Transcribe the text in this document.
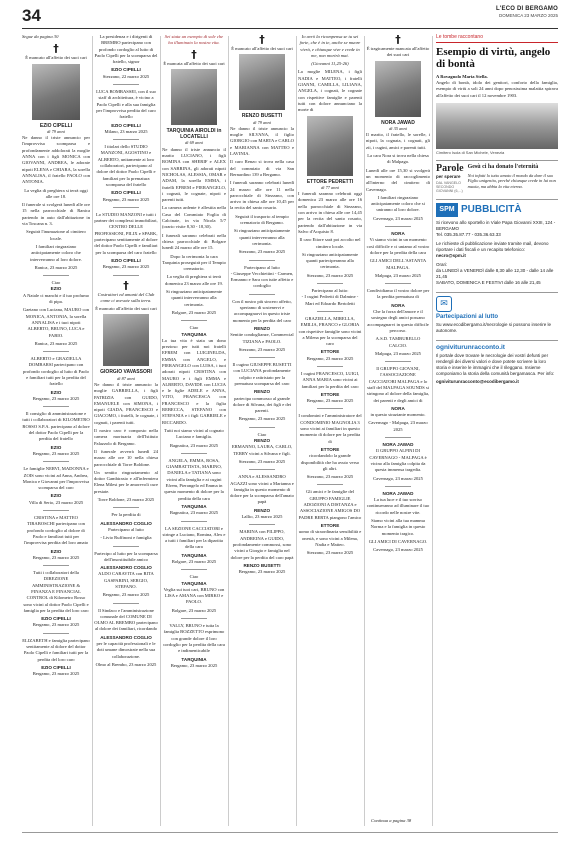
34	L'ECO DI BERGAMO
DOMENICA 23 MARZO 2025
Segue da pagina 30
†

È mancato all'affetto dei suoi cari

EZIO CIPELLI
di 79 anni

Ne danno il triste annuncio per l'improvvisa scomparsa e profondamente addolorati la moglie ANNA con i figli MONICA con GIOVANNI, ANDREA, le adorate nipoti ELENA e CHIARA, la sorella ANNALISA, il fratello PAOLO con ANTONIA.

La veglia di preghiera si terrà oggi alle ore 18.

Il funerale si svolgerà lunedì alle ore 15 nella parrocchiale di Ranica partendo in auto dall'abitazione in via Toscana n. 3.

Seguirà l'inumazione al cimitero locale.

I familiari ringraziano anticipatamente coloro che interverranno al loro dolore.

Ranica, 23 marzo 2025

Ciao
EZIO

A Natale ci manchi e il tuo profumo di pipa.

Gaetano con Luciana, MAURO con MONICA, ANTONIA, la sorella ANNALISA e i tuoi nipoti ALBERTO, BRUNO, LUCA e FABIO.

Ranica, 23 marzo 2025

ALBERTO e GRAZIELLA DOMBARSI partecipano con profondo cordoglio al lutto di Paolo e familiari tutti per la perdita del fratello

EZIO

Bergamo, 23 marzo 2025

Il consiglio di amministrazione e tutti i collaboratori di KILOMETRO ROSSO S.P.A. partecipano al dolore del dottor Paolo Cipelli per la perdita del fratello

EZIO

Bergamo, 23 marzo 2025

Le famiglie NERVI, MADONNA e ZOIS sono vicini ad Anna, Andrea, Monica e Giovanni per l'improvvisa scomparsa del caro

EZIO

Villa di Serio, 23 marzo 2025

CRISTINA e MATTEO TIRABOSCHI partecipano con profondo cordoglio al dolore di Paolo e familiari tutti per l'improvvisa perdita del loro amato

EZIO

Bergamo, 23 marzo 2025

Tutti i collaboratori della DIREZIONE AMMINISTRAZIONE & FINANZA E FINANCIAL CONTROL di Kilometro Rosso sono vicini al dottor Paolo Cipelli e famiglia per la perdita del loro caro

EZIO CIPELLI

Bergamo, 23 marzo 2025

ELIZABETH e famiglia partecipano sentitamente al dolore del dottor Paolo Cipelli e familiari tutti per la perdita del loro caro

EZIO CIPELLI

Bergamo, 23 marzo 2025

La presidenza e i dirigenti di BREMBO partecipano con profondo cordoglio al lutto di Paolo Cipelli per la scomparsa del fratello, signor

EZIO CIPELLI

Stezzano, 22 marzo 2025

LUCA BOMBASSEI, con il suo staff di architettura, è vicino a Paolo Cipelli e alla sua famiglia per l'improvvisa perdita del caro fratello

EZIO CIPELLI

Milano, 23 marzo 2025

I titolari dello STUDIO MANZONI, AGOSTINO e ALBERTO, unitamente ai loro collaboratori, partecipano al dolore del dottor Paolo Cipelli e familiari per la prematura scomparsa del fratello

EZIO CIPELLI

Bergamo, 23 marzo 2025

Lo STUDIO MANZONI e tutti i partner dei complessi immobiliari, CENTRO DELLE PROFESSIONI, PILIX e SPARK, partecipano sentitamente al dolore del dottor Paolo Cipelli e familiari per la scomparsa del caro fratello

EZIO CIPELLI

Bergamo, 23 marzo 2025

†

Costruttori ed amanti del Club come ci avevate sulla terra.

È mancato all'affetto dei suoi cari

GIORGIO VAVASSORI
di 87 anni

Ne danno il triste annuncio la moglie GABRIELLA, i figli PATRIZIA con GUIDO, EMANUELE con SIMONA, i nipoti GIADA, FRANCESCO e GIACOMO, i fratelli, le cognate, i cognati, i parenti tutti.

Il nostro caro è composto nella camera mortuaria dell'Istituto Palazzolo di Bergamo.

Il funerale avverrà lunedì 24 marzo alle ore 10 nella chiesa parrocchiale di Torre Boldone.

Un sentito ringraziamento al dottor Gambirasio e all'infermiera Elena Milesi per le amorevoli cure prestate.

Torre Boldone, 23 marzo 2025

Per la perdita di

ALESSANDRO COGLIO

Partecipano al lutto

- Livio Ruffinoni e famiglia

Partecipo al lutto per la scomparsa dell'insostituibile amico

ALESSANDRO COGLIO

ALDO CARAVITA con RITA GASPARINI, SERGIO, STEFANO.

Bergamo, 23 marzo 2025

Il Sindaco e l'amministrazione comunale del COMUNE DI OLMO AL BREMBO partecipano al dolore dei familiari, ricordando

ALESSANDRO COGLIO

per le capacità professionali e le doti umane dimostrate nella sua collaborazione.

Olmo al Brembo, 23 marzo 2025

Sei stata un esempio di sole che ha illuminato la nostra vita.

†

È mancata all'affetto dei suoi cari

TARQUINIA AIROLDI in LOCATELLI
di 69 anni

Ne danno il triste annuncio il marito LUCIANO, i figli ROMINA con SHERIF e ALEX con SABRINA, gli adorati nipoti NICHOLAS, ALESSIA, OMAR e ADAM, la sorella EMMA, i fratelli EFREM e PIERANGELO, i cognati, le cognate, nipoti e parenti tutti.

La camera ardente è allestita nella Casa del Commiato Foglia di Calcinate, in via Nicola 5/7 (orario visite 8,30 - 18,30).

I funerali saranno celebrati nella chiesa parrocchiale di Bolgare lunedì 24 marzo alle ore 15.

Dopo la cerimonia la cara Tarquinia proseguirà per il Tempio crematorio.

La veglia di preghiera si terrà domenica 23 marzo alle ore 19.

Si ringraziano anticipatamente quanti interverranno alla cerimonia.

Bolgare, 23 marzo 2025

Ciao
TARQUINIA

La tua vita è stata un dono prezioso per tutti noi fratelli EFREM con LUIGINELDA, EMMA con ANGELO, e PIERANGELO con LUISA, i tuoi adorati nipoti CRISTINA con MAURO e i figli EMMA e ALBERTO, DAVIDE con LUCIA e le figlie ADELE e ANNA, VITO, FRANCESCA con FRANCESCO e la figlia REBECCA, STEFANO con STEFANIA e i figli GABRIELE e RICCARDO.

Tutti noi siamo vicini al cognato Luciano e famiglia.

Bagnatica, 23 marzo 2025

ANGELA, EMMA, ROSA, GIAMBATTISTA, MARINO, DANIELA e TATIANA sono vicini alla famiglia e ai cugini Efrem, Pierangelo ed Emma in questo momento di dolore per la perdita della cara

TARQUINIA

Bagnatica, 23 marzo 2025

LA SEZIONE CACCIATORI e stringe a Luciano, Romina, Alex e a tutti i familiari per la dipartita della cara

TARQUINIA

Bolgare, 23 marzo 2025

Ciao
TARQUINIA

Veglia sui tuoi cari, BRUNO con LISA e AMANA con MIRKO e PAOLO.

Bolgare, 23 marzo 2025

VALLY, BRUNO e tutta la famiglia BOZZETTO esprimono con grande dolore il loro cordoglio per la perdita della cara e indimenticabile

TARQUINIA

Bergamo, 23 marzo 2025

†

È mancato all'affetto dei suoi cari

RENZO BUSETTI
di 79 anni

Ne danno il triste annuncio la moglie SILVANA, il figlio GIORGIO con MARTA e CARLO e MARIANNA con MATTEO e LAVINIA.

Il caro Renzo si trova nella casa del commiato di via San Bernardino 139 a Bergamo.

I funerali saranno celebrati lunedì 24 marzo alle ore 11 nella parrocchiale di Stezzano, con arrivo in chiesa alle ore 10,45 per la recita del santo rosario.

Seguirà il trasporto al tempio crematorio di Bergamo.

Si ringraziano anticipatamente quanti interverranno alla cerimonia.

Stezzano, 23 marzo 2025

Partecipano al lutto

- Giuseppe Vecchiettini - Carmen, Ermanno e Sara con tutte affetto e cordoglio

Con il nostro più sincero affetto, speriamo di sostenervi e accompagnarvi in questo triste momento per la perdita del caro

RENZO

Sentite condoglianze, Commercial TIZIANA e PAOLO.

Stezzano, 23 marzo 2025

Il cugino GIUSEPPE BUSETTI con LUCIANA profondamente colpito e rattristato per la prematura scomparsa del caro

RENZO

partecipa commosso al grande dolore di Silvana, dei figli e dei parenti.

Bergamo, 23 marzo 2025

Ciao
RENZO

ERMANNO, LAURA, CARLO, TERRY vicini a Silvana e figli.

Stezzano, 23 marzo 2025

ANNA e ALESSANDRO AGAZZI sono vicini a Marianna e famiglia in questo momento di dolore per la scomparsa dell'amato papà

RENZO

Lallio, 23 marzo 2025

MARINA con FILIPPO, ANDREINA e GUIDO, profondamente commossi, sono vicini a Giorgio e famiglia nel dolore per la perdita del caro papà

RENZO BUSETTI

Bergamo, 23 marzo 2025

Io avrò la ricompensa se tu sei forte, che è in te, anche se muore vivrà, e chiunque vive e crede in me, non morirà mai.

(Giovanni 11,25-26)

La moglie MILENA, i figli NADIA e MATTEO, i fratelli GIANNI, CAMILLA, LILIANA, ANGELA, i cognati, le cognate con rispettive famiglie e parenti tutti con dolore annunciano la morte di

ETTORE PEDRETTI
di 77 anni

I funerali saranno celebrati oggi domenica 23 marzo alle ore 16 nella parrocchiale di Stezzano, con arrivo in chiesa alle ore 14,45 per la recita del santo rosario, partendo dall'abitazione in via Salvo d'Acquisto 8.

Il caro Ettore sarà poi accolto nel cimitero locale.

Si ringraziano anticipatamente quanti parteciperanno alla cerimonia.

Stezzano, 23 marzo 2025

Partecipano al lutto:

- I cugini Pedretti di Dalmine - Mari ed Edoardo Bertoletti

GRAZIELLA, MIRELLA, EMILIA, FRANCO e GLORIA con rispettive famiglie sono vicini a Milena per la scomparsa del caro

ETTORE

Bergamo, 23 marzo 2025

I cugini FRANCESCO, LUIGI, ANNA MARIA sono vicini ai familiari per la perdita del caro

ETTORE

Bergamo, 23 marzo 2025

I condomini e l'amministratore del CONDOMINIO MAGNOLIA 3 sono vicini ai familiari in questo momento di dolore per la perdita di

ETTORE

ricordandolo la grande disponibilità che ha avuto verso gli altri.

Stezzano, 23 marzo 2025

Gli amici e le famiglie del GRUPPO FAMIGLIE ADOZIONI A DISTANZA e ASSOCIAZIONE AMIGOS DO PADRE BERTA piangono l'amico

ETTORE

uomo di straordinaria sensibilità e onestà, e sono vicini a Milena, Nadia e Matteo.

Stezzano, 23 marzo 2025

Continua a pagina 38
†

È tragicamente mancata all'affetto dei suoi cari

NORA JAWAD
di 35 anni

Il marito, il fratello, le sorelle, i nipoti, la cognata, i cognati, gli zii, i cugini, amici e parenti tutti.

La cara Nora si trova nella chiesa di Malpaga.

Lunedì alle ore 15,30 si svolgerà un momento di raccoglimento all'interno del cimitero di Cavernago.

I familiari ringraziano anticipatamente coloro che si uniranno al loro dolore.

Cavernago, 23 marzo 2025

NORA

Vi siamo vicini in un momento così difficile e ci uniamo al vostro dolore per la perdita della cara

GLI AMICI DELL'ASTANTA MALPAGA.

Malpaga, 23 marzo 2025

Condividiamo il vostro dolore per la perdita prematura di

NORA

Che la forza dell'amore e il sostegno degli amici possano accompagnarvi in questo difficile percorso.

A.S.D. TAMBURELLO CALCIO.

Malpaga, 23 marzo 2025

Il GRUPPO GIOVANI, l'ASSOCIAZIONE CACCIATORI MALPAGA e lo staff del MALPAGA SOUNDS si stringono al dolore della famiglia, dei parenti e degli amici di

NORA

in questo straziante momento.

Cavernago - Malpaga, 23 marzo 2025

NORA JAWAD

Il GRUPPO ALPINI DI CAVERNAGO - MALPAGA è vicino alla famiglia colpita da questa immensa tragedia.

Cavernago, 23 marzo 2025

NORA JAWAD

La tua luce e il tuo sorriso continueranno ad illuminare il tuo ricordo nelle nostre vite.

Siamo vicini alla tua mamma Norma e la famiglia in questo momento tragico.

GLI AMICI DI CAVERNAGO.

Cavernago, 23 marzo 2025

Le tombe raccontano
Esempio di virtù, angelo di bontà
A Rovagnolo Maria Stella.
Angelo di bontà, idolo dei genitori, conforto della famiglia, esempio di virtù a soli 24 anni dopo penosissima malattia spirava all'affetto dei suoi cari il 12 novembre 1903.
Cimitero Isola di San Michele, Venezia
Parole
per sperare
DAL VANGELO SECONDO GIOVANNI (6,...)
Gesù ci ha donato l'eternità
Noi infatti lo tutto amato il mondo da dare il suo Figlio unigenito, perché chiunque crede in lui non muoia, ma abbia la vita eterna.
SPM PUBBLICITÀ
Si ricevono allo sportello in Viale Papa Giovanni XXIII, 124 - BERGAMO
Tel. 035.35.87.77 - 035.36.63.33
Le richieste di pubblicazione inviate tramite mail, devono riportare i dati fiscali e un recapito telefonico:
necro@spm.it
Orari:
da LUNEDÌ a VENERDÌ dalle 8,30 alle 12,30 - dalle 14 alle 21,45
SABATO, DOMENICA E FESTIVI dalle 16 alle 21,45
✉
Partecipazioni al lutto
Su www.ecodibergamo.it/necrologie si possono inserire le autonome.
ogniviturunracconto.it
Il portale dove trovare le necrologie dei vostri defunti per rendergli dei diversi valori e dove potete scrivere la loro storia e inserire le immagini che il rileggano. Insieme componiamo la storia della comunità bergamasca. Per info:
ogniviturunracconto@ecodibergamo.it
